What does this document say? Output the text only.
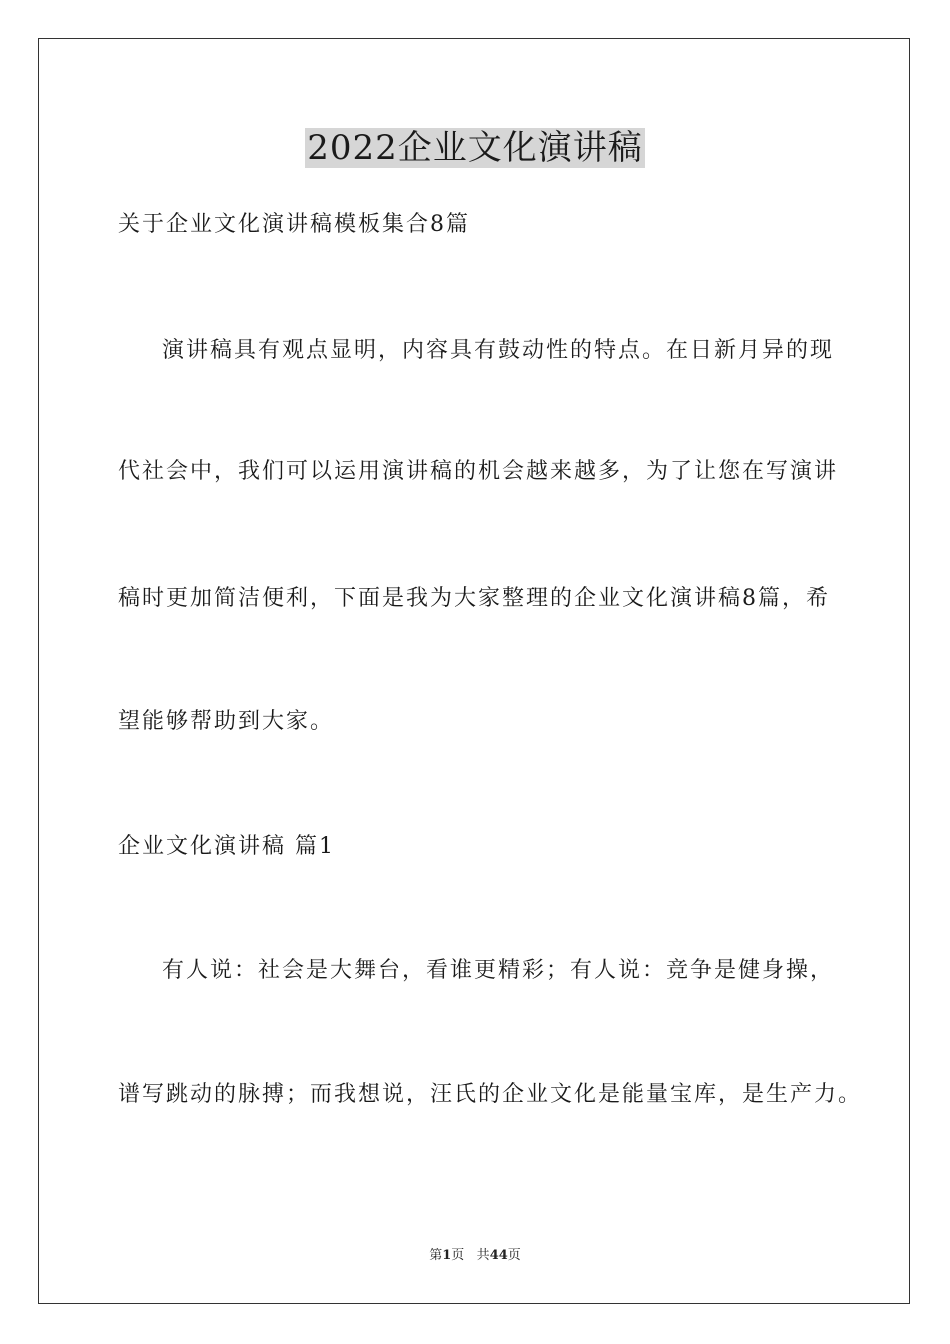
2022企业文化演讲稿
关于企业文化演讲稿模板集合8篇
演讲稿具有观点显明，内容具有鼓动性的特点。在日新月异的现
代社会中，我们可以运用演讲稿的机会越来越多，为了让您在写演讲
稿时更加简洁便利，下面是我为大家整理的企业文化演讲稿8篇，希
望能够帮助到大家。
企业文化演讲稿 篇1
有人说：社会是大舞台，看谁更精彩；有人说：竞争是健身操，
谱写跳动的脉搏；而我想说，汪氏的企业文化是能量宝库，是生产力。
第1页 共44页
